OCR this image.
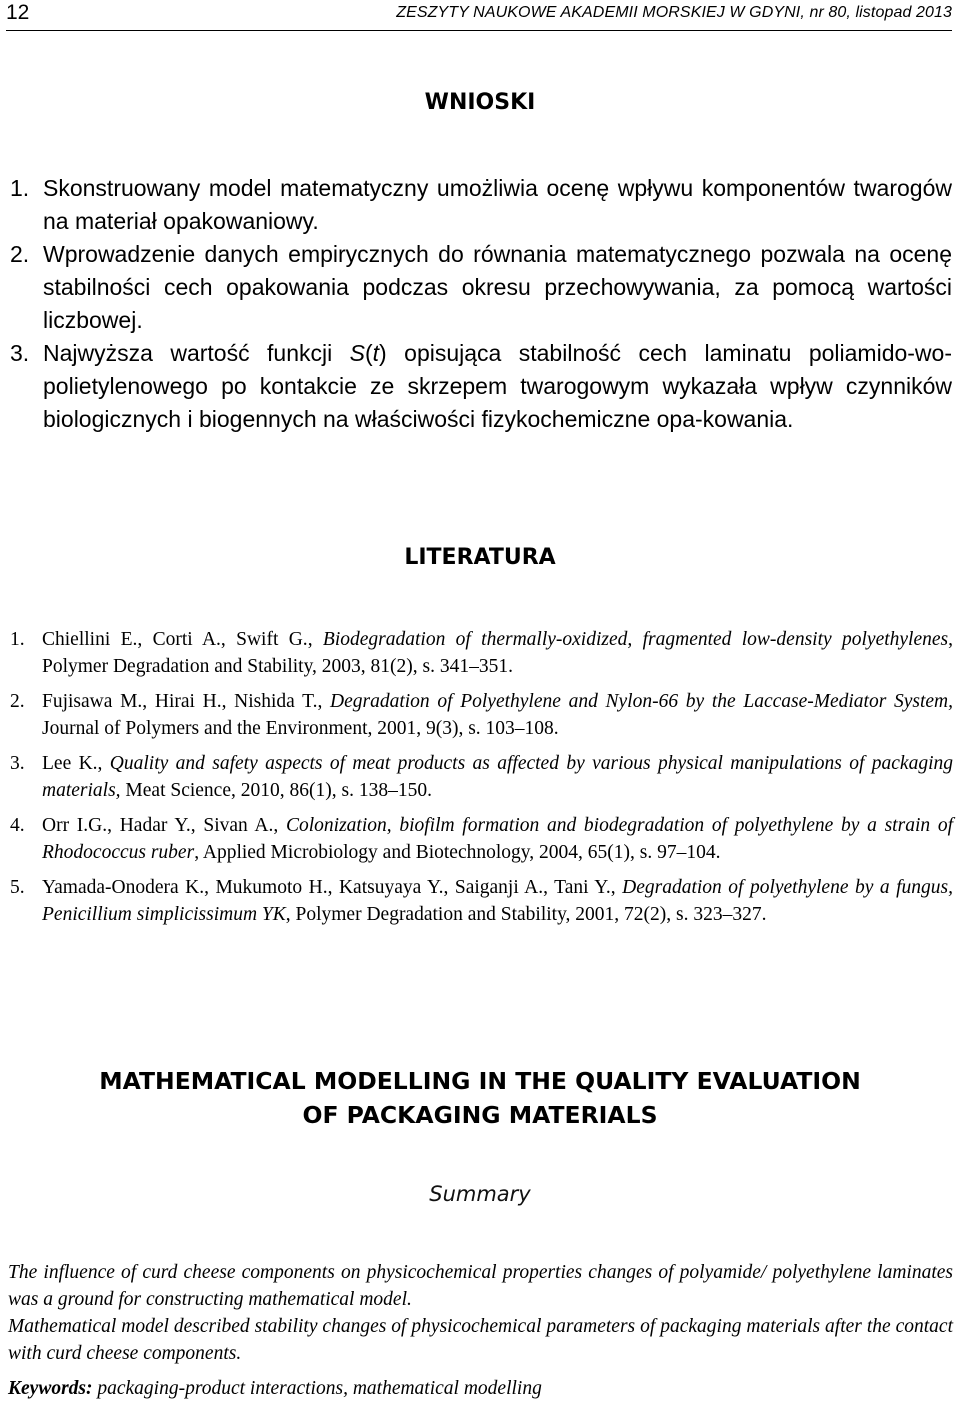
12	ZESZYTY NAUKOWE AKADEMII MORSKIEJ W GDYNI, nr 80, listopad 2013
WNIOSKI
1. Skonstruowany model matematyczny umożliwia ocenę wpływu komponentów twarogów na materiał opakowaniowy.
2. Wprowadzenie danych empirycznych do równania matematycznego pozwala na ocenę stabilności cech opakowania podczas okresu przechowywania, za pomocą wartości liczbowej.
3. Najwyższa wartość funkcji S(t) opisująca stabilność cech laminatu poliamido-wo-polietylenowego po kontakcie ze skrzepem twarogowym wykazała wpływ czynników biologicznych i biogennych na właściwości fizykochemiczne opa-kowania.
LITERATURA
1. Chiellini E., Corti A., Swift G., Biodegradation of thermally-oxidized, fragmented low-density polyethylenes, Polymer Degradation and Stability, 2003, 81(2), s. 341–351.
2. Fujisawa M., Hirai H., Nishida T., Degradation of Polyethylene and Nylon-66 by the Laccase-Mediator System, Journal of Polymers and the Environment, 2001, 9(3), s. 103–108.
3. Lee K., Quality and safety aspects of meat products as affected by various physical manipulations of packaging materials, Meat Science, 2010, 86(1), s. 138–150.
4. Orr I.G., Hadar Y., Sivan A., Colonization, biofilm formation and biodegradation of polyethylene by a strain of Rhodococcus ruber, Applied Microbiology and Biotechnology, 2004, 65(1), s. 97–104.
5. Yamada-Onodera K., Mukumoto H., Katsuyaya Y., Saiganji A., Tani Y., Degradation of polyethylene by a fungus, Penicillium simplicissimum YK, Polymer Degradation and Stability, 2001, 72(2), s. 323–327.
MATHEMATICAL MODELLING IN THE QUALITY EVALUATION
OF PACKAGING MATERIALS
Summary

The influence of curd cheese components on physicochemical properties changes of polyamide/ polyethylene laminates was a ground for constructing mathematical model.

Mathematical model described stability changes of physicochemical parameters of packaging materials after the contact with curd cheese components.

Keywords: packaging-product interactions, mathematical modelling
